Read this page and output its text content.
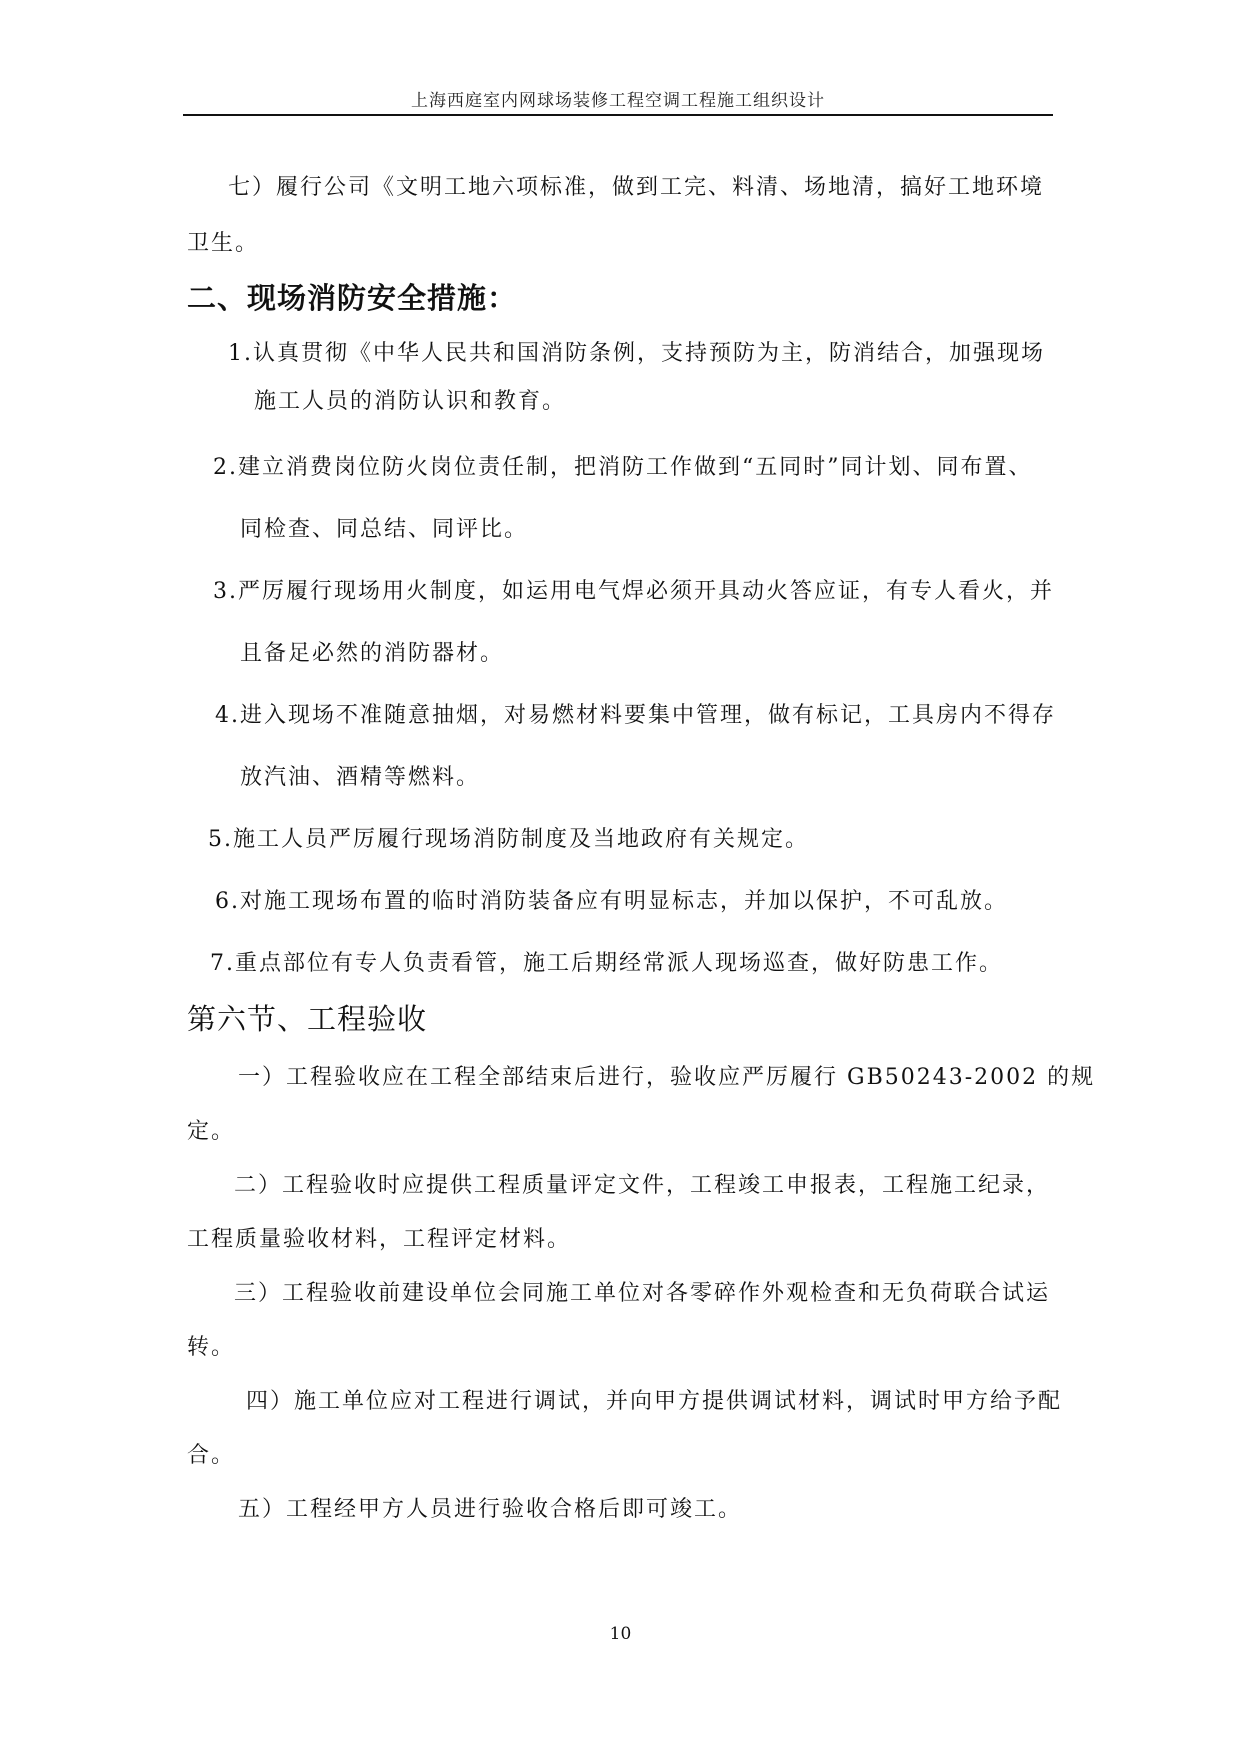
上海西庭室内网球场装修工程空调工程施工组织设计
七）履行公司《文明工地六项标准，做到工完、料清、场地清，搞好工地环境
卫生。
二、现场消防安全措施：
1.认真贯彻《中华人民共和国消防条例，支持预防为主，防消结合，加强现场
施工人员的消防认识和教育。
2.建立消费岗位防火岗位责任制，把消防工作做到“五同时”同计划、同布置、
同检查、同总结、同评比。
3.严厉履行现场用火制度，如运用电气焊必须开具动火答应证，有专人看火，并
且备足必然的消防器材。
4.进入现场不准随意抽烟，对易燃材料要集中管理，做有标记，工具房内不得存
放汽油、酒精等燃料。
5.施工人员严厉履行现场消防制度及当地政府有关规定。
6.对施工现场布置的临时消防装备应有明显标志，并加以保护，不可乱放。
7.重点部位有专人负责看管，施工后期经常派人现场巡查，做好防患工作。
第六节、工程验收
一）工程验收应在工程全部结束后进行，验收应严厉履行 GB50243-2002 的规
定。
二）工程验收时应提供工程质量评定文件，工程竣工申报表，工程施工纪录，
工程质量验收材料，工程评定材料。
三）工程验收前建设单位会同施工单位对各零碎作外观检查和无负荷联合试运
转。
四）施工单位应对工程进行调试，并向甲方提供调试材料，调试时甲方给予配
合。
五）工程经甲方人员进行验收合格后即可竣工。
10
